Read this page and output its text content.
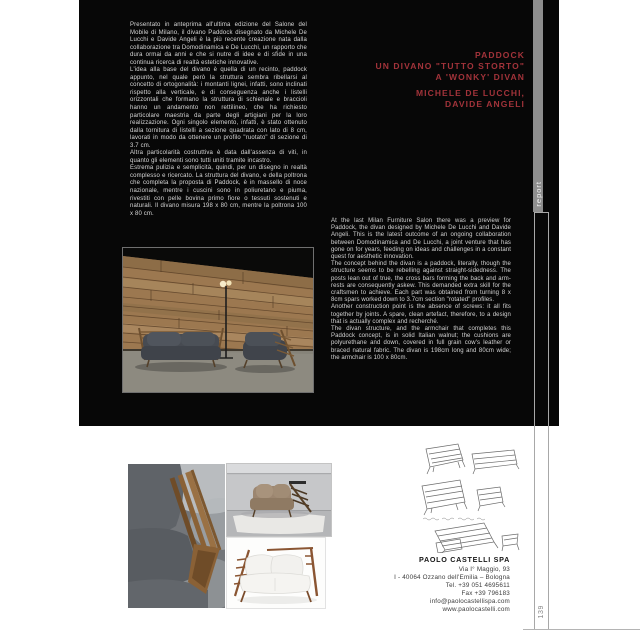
Presentato in anteprima all'ultima edizione del Salone del Mobile di Milano, il divano Paddock disegnato da Michele De Lucchi e Davide Angeli è la più recente creazione nata dalla collaborazione tra Domodinamica e De Lucchi, un rapporto che dura ormai da anni e che si nutre di idee e di sfide in una continua ricerca di realtà estetiche innovative.

L'idea alla base del divano è quella di un recinto, paddock appunto, nel quale però la struttura sembra ribellarsi al concetto di ortogonalità: i montanti lignei, infatti, sono inclinati rispetto alla verticale, e di conseguenza anche i listelli orizzontali che formano la struttura di schienale e braccioli hanno un andamento non rettilineo, che ha richiesto particolare maestria da parte degli artigiani per la loro realizzazione. Ogni singolo elemento, infatti, è stato ottenuto dalla tornitura di listelli a sezione quadrata con lato di 8 cm, lavorati in modo da ottenere un profilo "ruotato" di sezione di 3.7 cm.

Altra particolarità costruttiva è data dall'assenza di viti, in quanto gli elementi sono tutti uniti tramite incastro.

Estrema pulizia e semplicità, quindi, per un disegno in realtà complesso e ricercato. La struttura del divano, e della poltrona che completa la proposta di Paddock, è in massello di noce nazionale, mentre i cuscini sono in poliuretano e piuma, rivestiti con pelle bovina primo fiore o tessuti sostenuti e naturali. Il divano misura 198 x 80 cm, mentre la poltrona 100 x 80 cm.

PADDOCK
UN DIVANO "TUTTO STORTO"
A 'WONKY' DIVAN
MICHELE DE LUCCHI,
DAVIDE ANGELI

At the last Milan Furniture Salon there was a preview for Paddock, the divan designed by Michele De Lucchi and Davide Angeli. This is the latest outcome of an ongoing collaboration between Domodinamica and De Lucchi, a joint venture that has gone on for years, feeding on ideas and challenges in a constant quest for aesthetic innovation.

The concept behind the divan is a paddock, literally, though the structure seems to be rebelling against straight-sidedness. The posts lean out of true, the cross bars forming the back and arm-rests are consequently askew. This demanded extra skill for the craftsmen to achieve. Each part was obtained from turning 8 x 8cm spars worked down to 3.7cm section "rotated" profiles.

Another construction point is the absence of screws: it all fits together by joints. A spare, clean artefact, therefore, to a design that is actually complex and recherché.

The divan structure, and the armchair that completes this Paddock concept, is in solid Italian walnut; the cushions are polyurethane and down, covered in full grain cow's leather or braced natural fabric. The divan is 198cm long and 80cm wide; the armchair is 100 x 80cm.

PAOLO CASTELLI SPA
Via I° Maggio, 93
I - 40064 Ozzano dell'Emilia – Bologna
Tel. +39 051 4695611
Fax +39 796183
info@paolocastellispa.com
www.paolocastelli.com
report
139
